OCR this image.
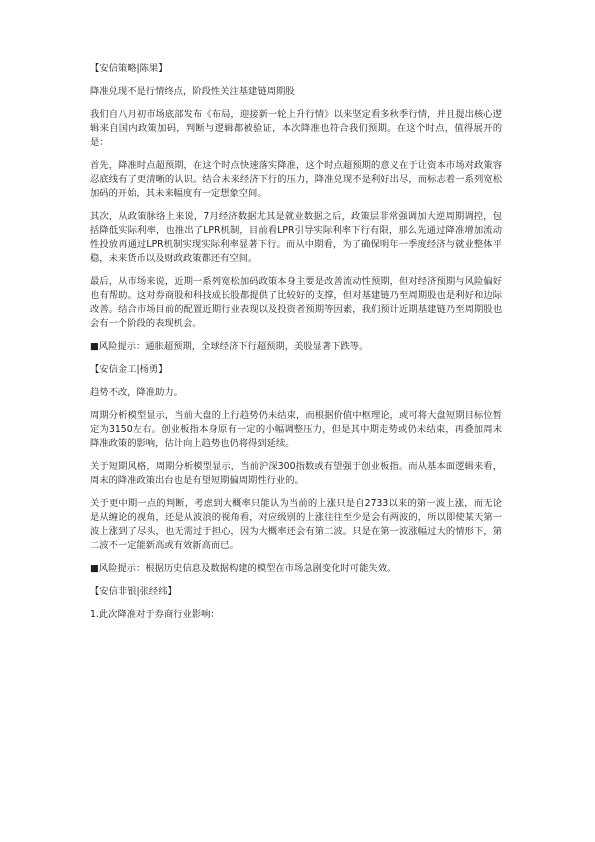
【安信策略|陈果】

降准兑现不是行情终点，阶段性关注基建链周期股

我们自八月初市场底部发布《布局，迎接新一轮上升行情》以来坚定看多秋季行情，并且提出核心逻辑来自国内政策加码，判断与逻辑都被验证，本次降准也符合我们预期。在这个时点，值得展开的是：

首先，降准时点超预期，在这个时点快速落实降准，这个时点超预期的意义在于让资本市场对政策容忍底线有了更清晰的认识。结合未来经济下行的压力，降准兑现不是利好出尽，而标志着一系列宽松加码的开始，其未来幅度有一定想象空间。

其次，从政策脉络上来说，7月经济数据尤其是就业数据之后，政策层非常强调加大逆周期调控，包括降低实际利率，也推出了LPR机制，目前看LPR引导实际利率下行有限，那么先通过降准增加流动性投放再通过LPR机制实现实际利率显著下行。而从中期看，为了确保明年一季度经济与就业整体平稳，未来货币以及财政政策都还有空间。

最后，从市场来说，近期一系列宽松加码政策本身主要是改善流动性预期，但对经济预期与风险偏好也有帮助。这对券商股和科技成长股都提供了比较好的支撑，但对基建链乃至周期股也是利好和边际改善。结合市场目前的配置近期行业表现以及投资者预期等因素，我们预计近期基建链乃至周期股也会有一个阶段的表现机会。

■风险提示：通胀超预期，全球经济下行超预期，美股显著下跌等。

【安信金工|杨勇】

趋势不改，降准助力。

周期分析模型显示，当前大盘的上行趋势仍未结束，而根据价值中枢理论，或可将大盘短期目标位暂定为3150左右。创业板指本身原有一定的小幅调整压力，但是其中期走势或仍未结束，再叠加周末降准政策的影响，估计向上趋势也仍将得到延续。

关于短期风格，周期分析模型显示，当前沪深300指数或有望强于创业板指。而从基本面逻辑来看，周末的降准政策出台也是有望短期偏周期性行业的。

关于更中期一点的判断，考虑到大概率只能认为当前的上涨只是自2733以来的第一波上涨，而无论是从缠论的视角，还是从波浪的视角看，对应级别的上涨往往至少是会有两波的，所以即使某天第一波上涨到了尽头，也无需过于担心，因为大概率还会有第二波。只是在第一波涨幅过大的情形下，第二波不一定能新高或有效新高而已。

■风险提示：根据历史信息及数据构建的模型在市场急剧变化时可能失效。

【安信非银|张经纬】

1.此次降准对于券商行业影响：
